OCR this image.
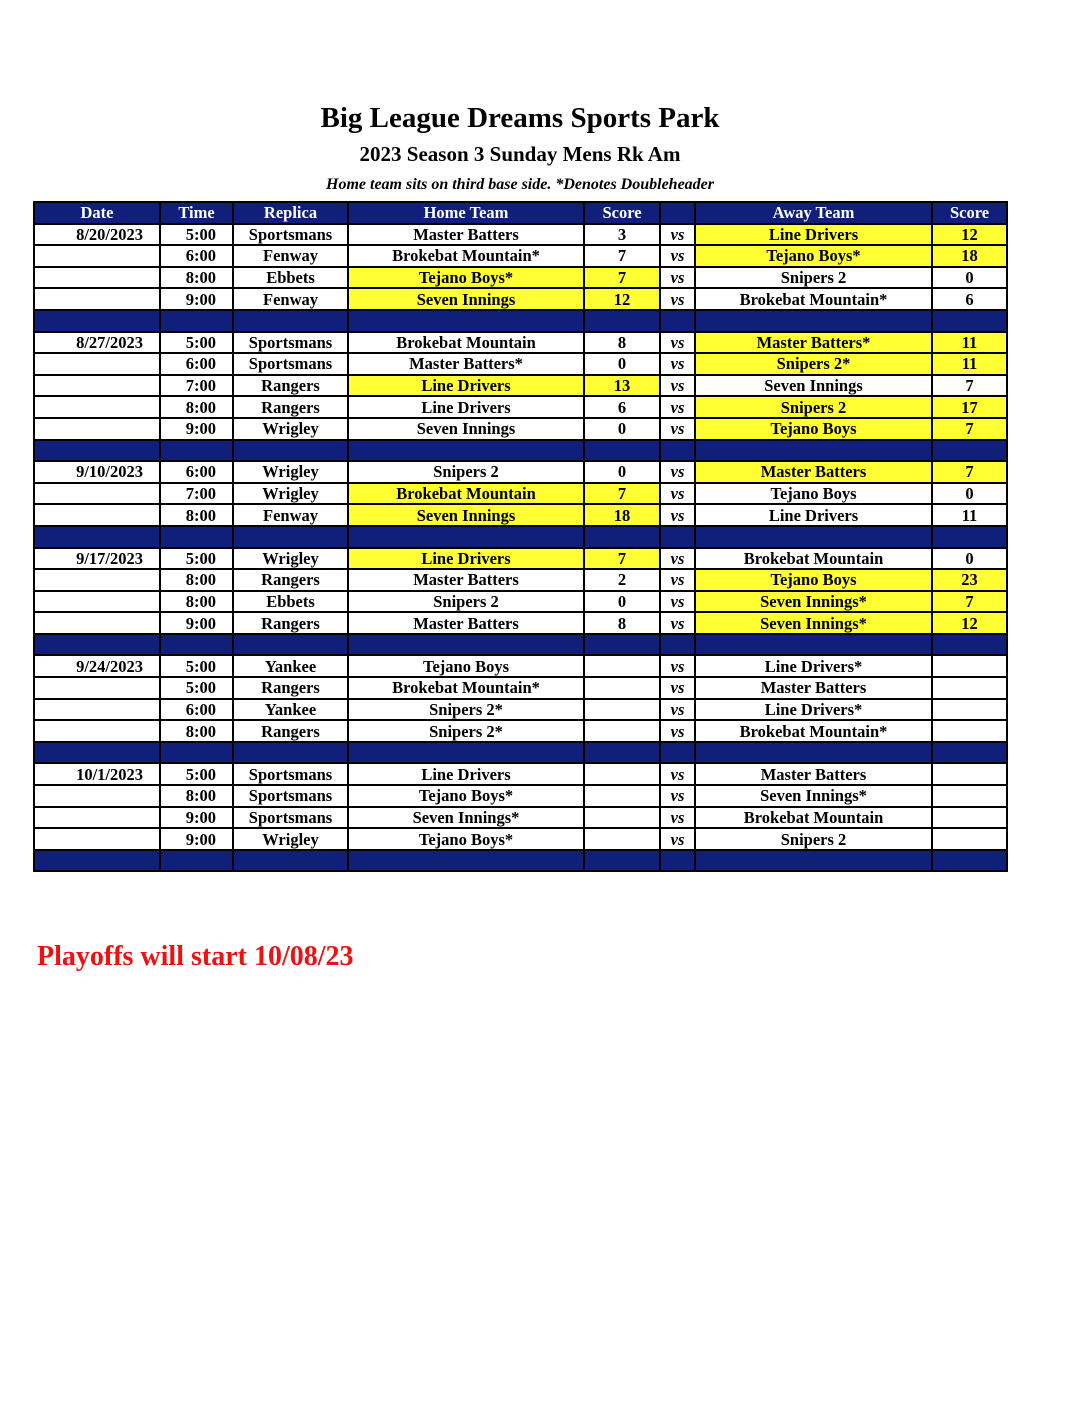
Big League Dreams Sports Park
2023 Season 3 Sunday Mens Rk Am
Home team sits on third base side. *Denotes Doubleheader
Date	Time	Replica	Home Team	Score		Away Team	Score
8/20/2023	5:00	Sportsmans	Master Batters	3	vs	Line Drivers	12
	6:00	Fenway	Brokebat Mountain*	7	vs	Tejano Boys*	18
	8:00	Ebbets	Tejano Boys*	7	vs	Snipers 2	0
	9:00	Fenway	Seven Innings	12	vs	Brokebat Mountain*	6

8/27/2023	5:00	Sportsmans	Brokebat Mountain	8	vs	Master Batters*	11
	6:00	Sportsmans	Master Batters*	0	vs	Snipers 2*	11
	7:00	Rangers	Line Drivers	13	vs	Seven Innings	7
	8:00	Rangers	Line Drivers	6	vs	Snipers 2	17
	9:00	Wrigley	Seven Innings	0	vs	Tejano Boys	7

9/10/2023	6:00	Wrigley	Snipers 2	0	vs	Master Batters	7
	7:00	Wrigley	Brokebat Mountain	7	vs	Tejano Boys	0
	8:00	Fenway	Seven Innings	18	vs	Line Drivers	11

9/17/2023	5:00	Wrigley	Line Drivers	7	vs	Brokebat Mountain	0
	8:00	Rangers	Master Batters	2	vs	Tejano Boys	23
	8:00	Ebbets	Snipers 2	0	vs	Seven Innings*	7
	9:00	Rangers	Master Batters	8	vs	Seven Innings*	12

9/24/2023	5:00	Yankee	Tejano Boys		vs	Line Drivers*	
	5:00	Rangers	Brokebat Mountain*		vs	Master Batters	
	6:00	Yankee	Snipers 2*		vs	Line Drivers*	
	8:00	Rangers	Snipers 2*		vs	Brokebat Mountain*	

10/1/2023	5:00	Sportsmans	Line Drivers		vs	Master Batters	
	8:00	Sportsmans	Tejano Boys*		vs	Seven Innings*	
	9:00	Sportsmans	Seven Innings*		vs	Brokebat Mountain	
	9:00	Wrigley	Tejano Boys*		vs	Snipers 2	

Playoffs will start 10/08/23
